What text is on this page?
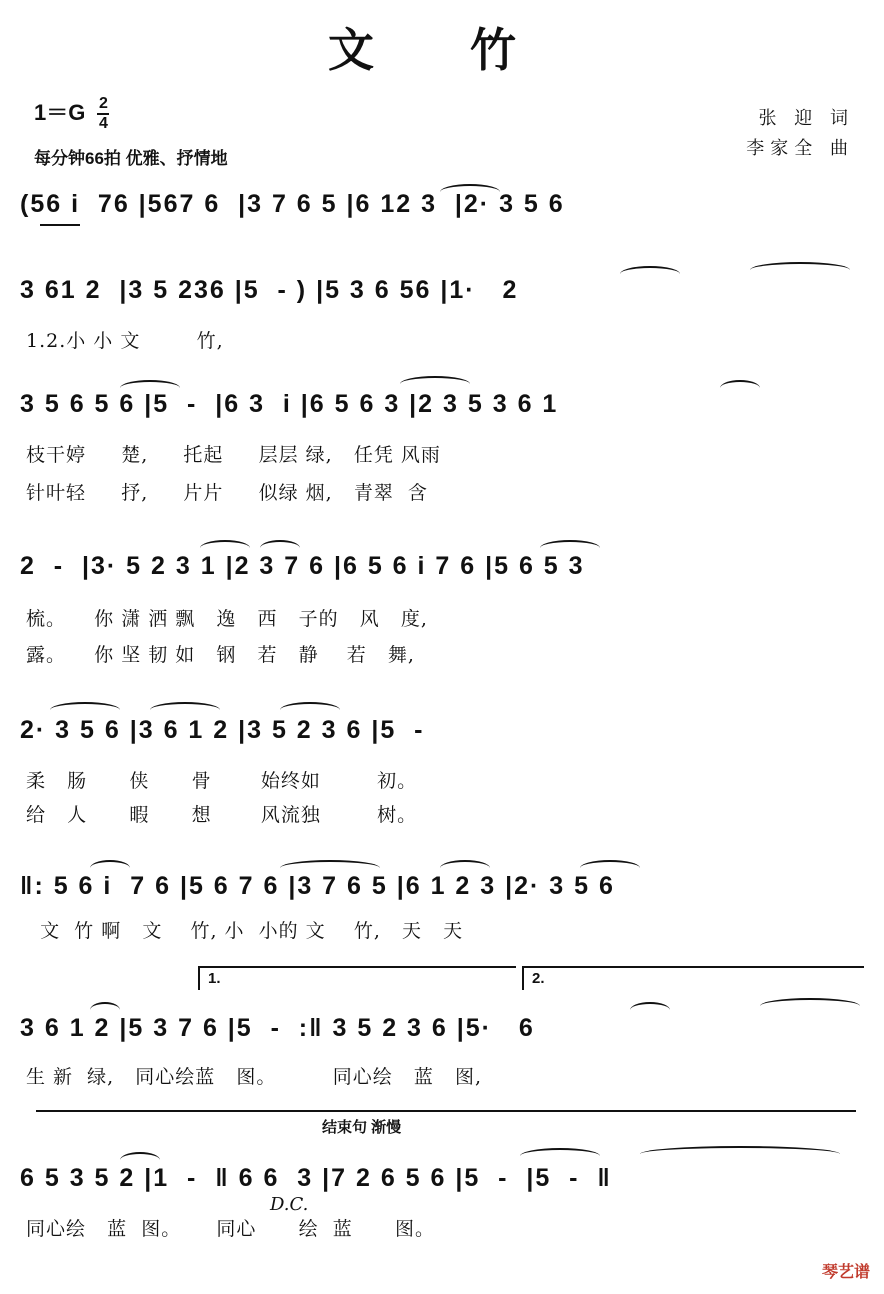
文 竹
$1=G \frac{2}{4}$
每分钟66拍 优雅、抒情地
张 迎 词
李家全 曲
(56 i  76 |567 6  |3 7 6 5 |6 12 3  |2· 3 5 6
3 61 2  |3 5 236 |5  - ) |5 3 6 56 |1·   2
1.2.小 小 文        竹,
3 5 6 5 6 |5  -  |6 3  i |6 5 6 3 |2 3 5 3 6 1
枝干婷     楚,     托起     层层 绿,   任凭 风雨
针叶轻     抒,     片片     似绿 烟,   青翠  含
2  -  |3· 5 2 3 1 |2 3 7 6 |6 5 6 i 7 6 |5 6 5 3
梳。    你 潇 洒 飘   逸   西   子的   风   度,
露。    你 坚 韧 如   钢   若   静    若   舞,
2· 3 5 6 |3 6 1 2 |3 5 2 3 6 |5  -
柔   肠      侠      骨       始终如        初。
给   人      暇      想       风流独        树。
‖: 5 6 i  7 6 |5 6 7 6 |3 7 6 5 |6 1 2 3 |2· 3 5 6
文  竹 啊   文    竹, 小  小的 文    竹,   天   天
1.	2.
3 6 1 2 |5 3 7 6 |5  -  :‖ 3 5 2 3 6 |5·   6
生 新  绿,   同心绘蓝   图。        同心绘   蓝   图,
结束句 渐慢
6 5 3 5 2 |1  -  ‖ 6 6  3 |7 2 6 5 6 |5  -  |5  -  ‖
D.C.
同心绘   蓝  图。     同心      绘  蓝      图。
琴艺谱
